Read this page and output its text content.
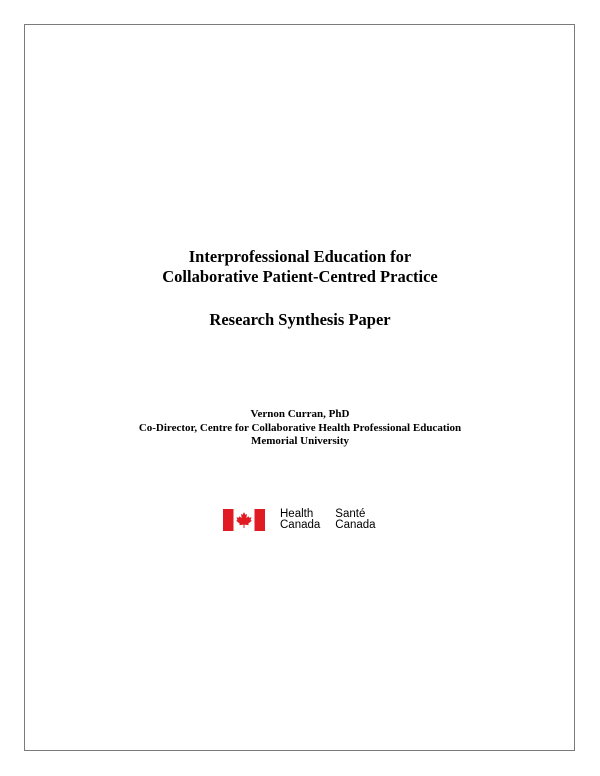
Interprofessional Education for
Collaborative Patient-Centred Practice
Research Synthesis Paper
Vernon Curran, PhD
Co-Director, Centre for Collaborative Health Professional Education
Memorial University
Health
Canada
Santé
Canada
